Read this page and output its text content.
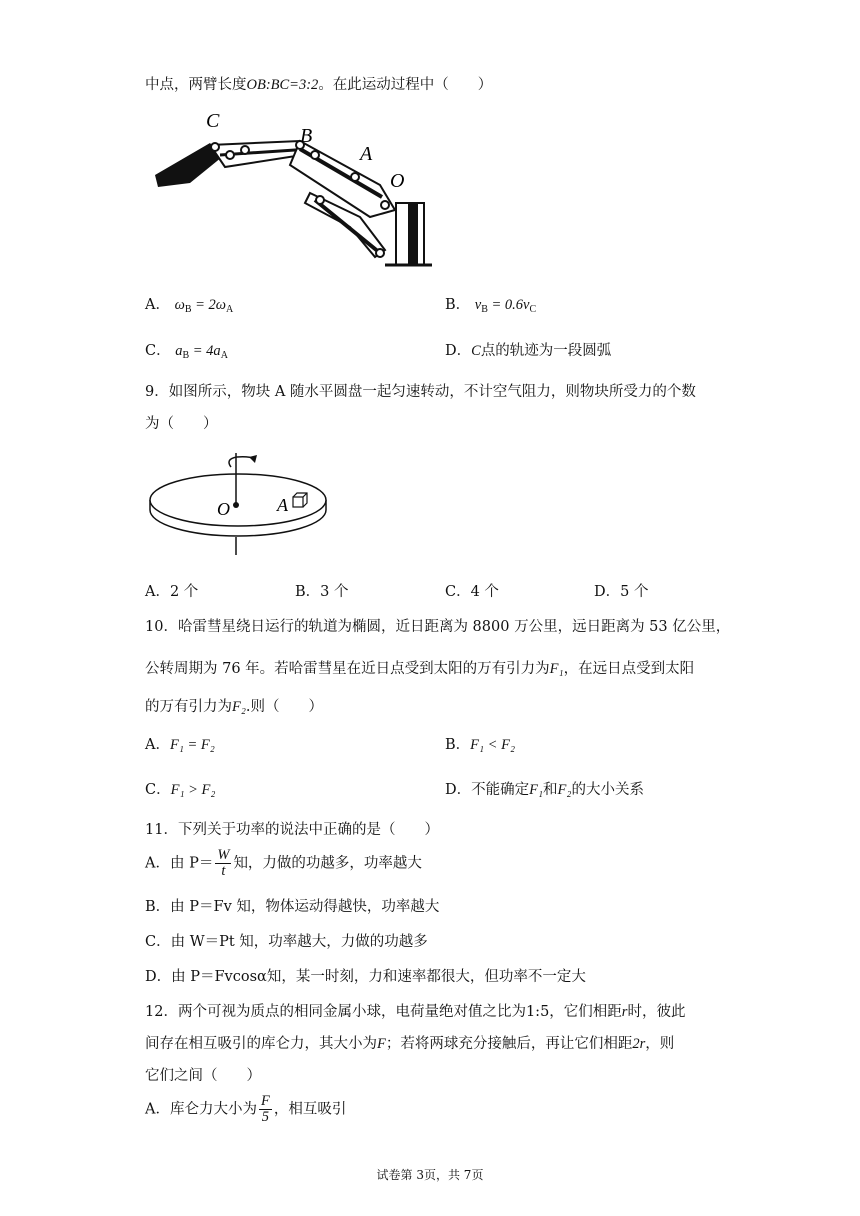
中点，两臂长度OB:BC=3:2。在此运动过程中（　　）
C
B
A
O
A． $\omega_B = 2\omega_A$	B． $v_B = 0.6v_C$
C． $a_B = 4a_A$	D．C点的轨迹为一段圆弧
9．如图所示，物块 A 随水平圆盘一起匀速转动，不计空气阻力，则物块所受力的个数
为（　　）
O	A
A．2 个	B．3 个	C．4 个	D．5 个
10．哈雷彗星绕日运行的轨道为椭圆，近日距离为 8800 万公里，远日距离为 53 亿公里，
公转周期为 76 年。若哈雷彗星在近日点受到太阳的万有引力为F₁，在远日点受到太阳
的万有引力为F₂.则（　　）
A．F₁ = F₂	B．F₁ < F₂
C．F₁ > F₂	D．不能确定F₁和F₂的大小关系
11．下列关于功率的说法中正确的是（　　）
A．由 $P= \frac{W}{t}$ 知，力做的功越多，功率越大
B．由 P＝Fv 知，物体运动得越快，功率越大
C．由 W＝Pt 知，功率越大，力做的功越多
D．由 P＝Fvcosα知，某一时刻，力和速率都很大，但功率不一定大
12．两个可视为质点的相同金属小球，电荷量绝对值之比为1:5，它们相距r时，彼此
间存在相互吸引的库仑力，其大小为F；若将两球充分接触后，再让它们相距2r，则
它们之间（　　）
A．库仑力大小为 $\frac{F}{5}$ ，相互吸引
试卷第 3页，共 7页
